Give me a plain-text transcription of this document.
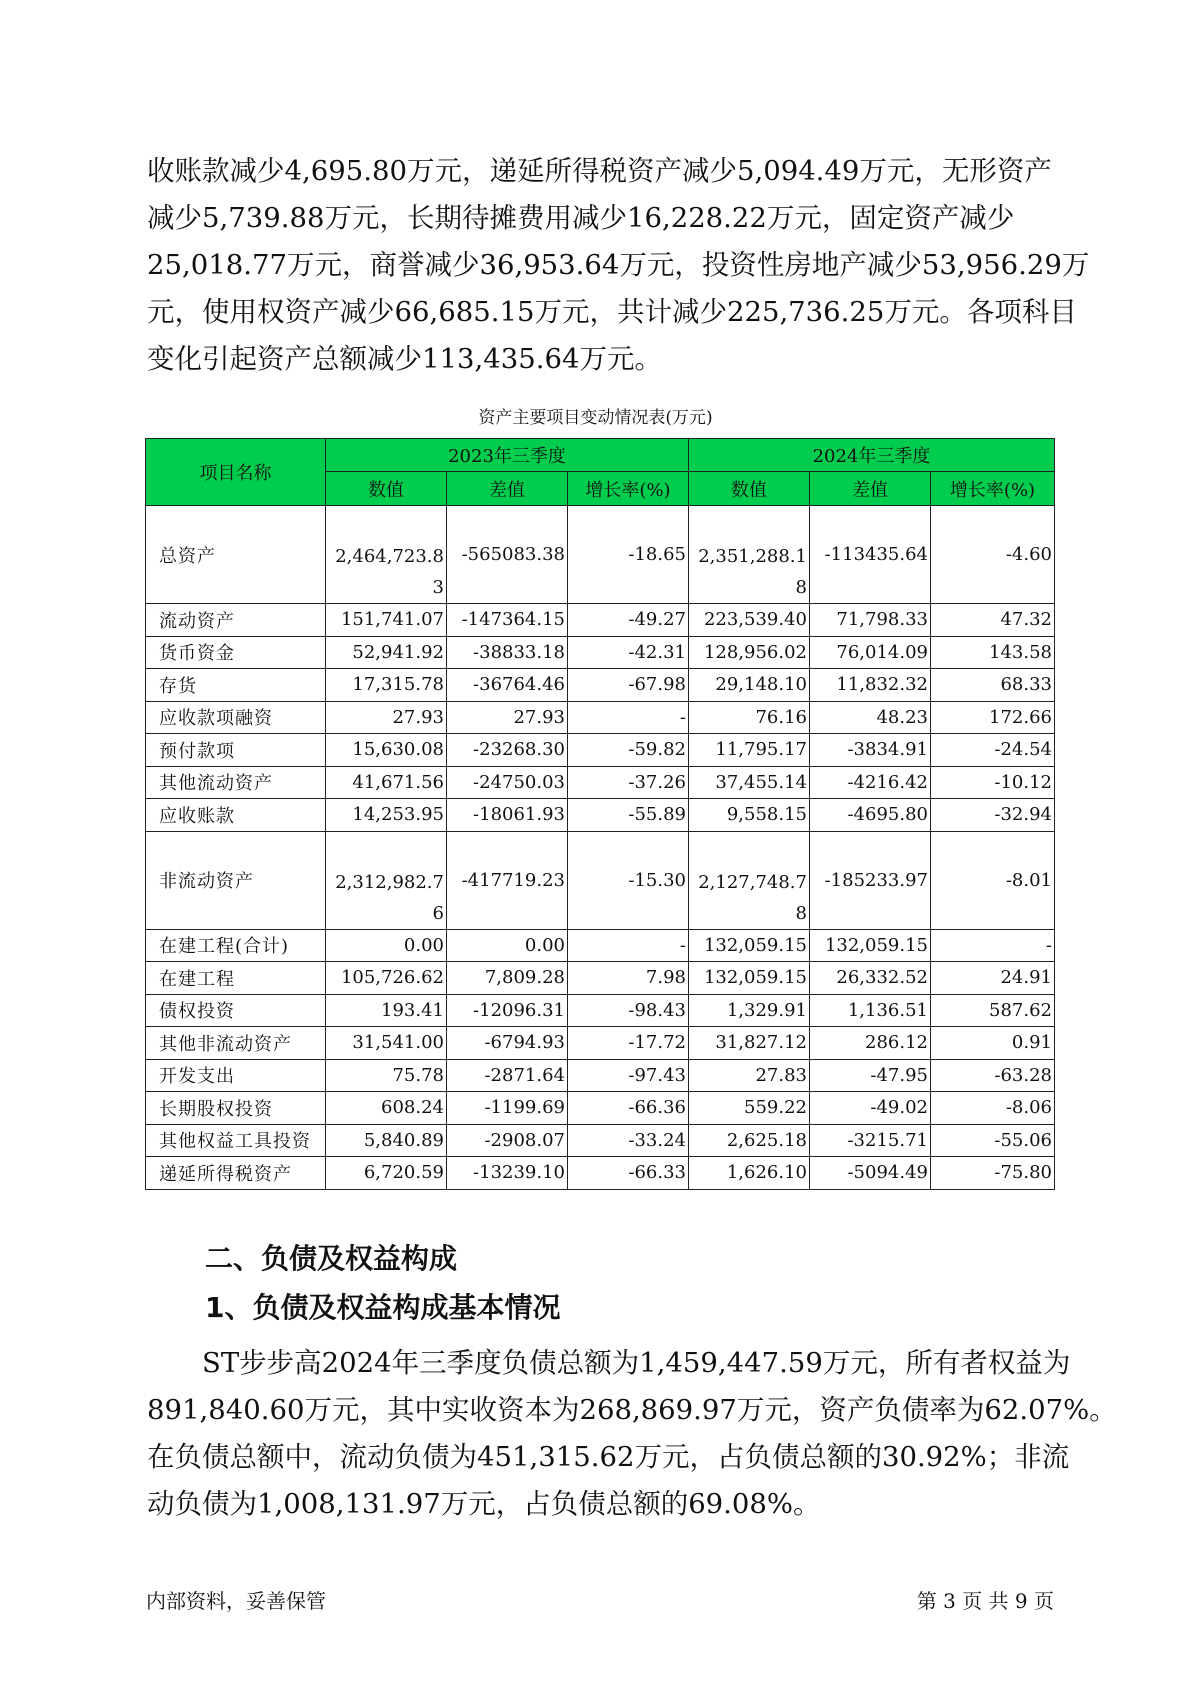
收账款减少4,695.80万元，递延所得税资产减少5,094.49万元，无形资产
减少5,739.88万元，长期待摊费用减少16,228.22万元，固定资产减少
25,018.77万元，商誉减少36,953.64万元，投资性房地产减少53,956.29万
元，使用权资产减少66,685.15万元，共计减少225,736.25万元。各项科目
变化引起资产总额减少113,435.64万元。
资产主要项目变动情况表(万元)
项目名称	2023年三季度			2024年三季度		
	数值	差值	增长率(%)	数值	差值	增长率(%)
总资产	2,464,723.83	-565083.38	-18.65	2,351,288.18	-113435.64	-4.60
流动资产	151,741.07	-147364.15	-49.27	223,539.40	71,798.33	47.32
货币资金	52,941.92	-38833.18	-42.31	128,956.02	76,014.09	143.58
存货	17,315.78	-36764.46	-67.98	29,148.10	11,832.32	68.33
应收款项融资	27.93	27.93	-	76.16	48.23	172.66
预付款项	15,630.08	-23268.30	-59.82	11,795.17	-3834.91	-24.54
其他流动资产	41,671.56	-24750.03	-37.26	37,455.14	-4216.42	-10.12
应收账款	14,253.95	-18061.93	-55.89	9,558.15	-4695.80	-32.94
非流动资产	2,312,982.76	-417719.23	-15.30	2,127,748.78	-185233.97	-8.01
在建工程(合计)	0.00	0.00	-	132,059.15	132,059.15	-
在建工程	105,726.62	7,809.28	7.98	132,059.15	26,332.52	24.91
债权投资	193.41	-12096.31	-98.43	1,329.91	1,136.51	587.62
其他非流动资产	31,541.00	-6794.93	-17.72	31,827.12	286.12	0.91
开发支出	75.78	-2871.64	-97.43	27.83	-47.95	-63.28
长期股权投资	608.24	-1199.69	-66.36	559.22	-49.02	-8.06
其他权益工具投资	5,840.89	-2908.07	-33.24	2,625.18	-3215.71	-55.06
递延所得税资产	6,720.59	-13239.10	-66.33	1,626.10	-5094.49	-75.80
二、负债及权益构成
1、负债及权益构成基本情况
ST步步高2024年三季度负债总额为1,459,447.59万元，所有者权益为
891,840.60万元，其中实收资本为268,869.97万元，资产负债率为62.07%。
在负债总额中，流动负债为451,315.62万元，占负债总额的30.92%；非流
动负债为1,008,131.97万元，占负债总额的69.08%。
内部资料，妥善保管	第 3 页 共 9 页
